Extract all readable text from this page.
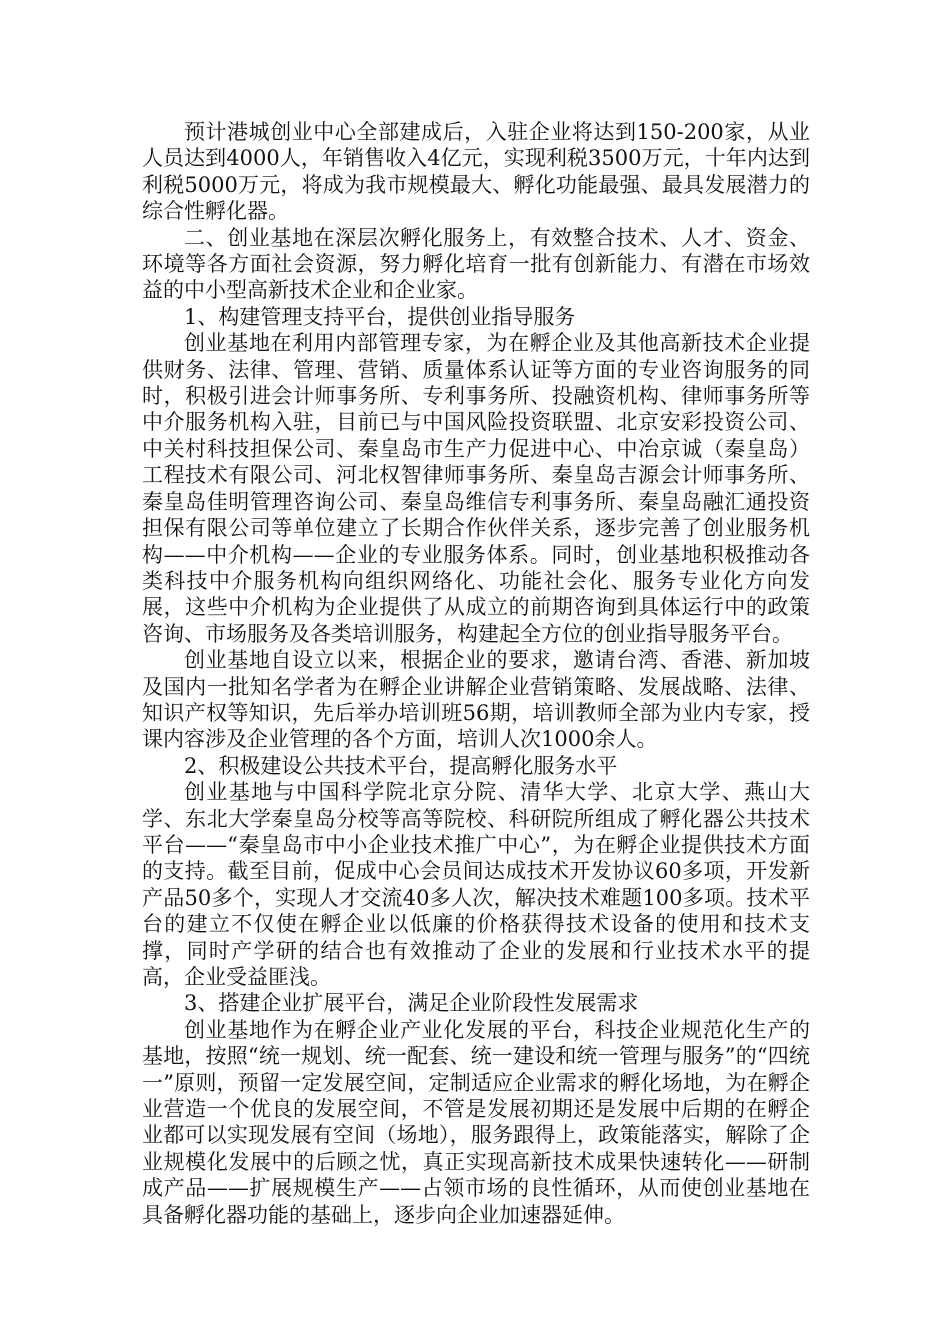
预计港城创业中心全部建成后，入驻企业将达到150-200家，从业人员达到4000人，年销售收入4亿元，实现利税3500万元，十年内达到利税5000万元，将成为我市规模最大、孵化功能最强、最具发展潜力的综合性孵化器。

二、创业基地在深层次孵化服务上，有效整合技术、人才、资金、环境等各方面社会资源，努力孵化培育一批有创新能力、有潜在市场效益的中小型高新技术企业和企业家。

1、构建管理支持平台，提供创业指导服务

创业基地在利用内部管理专家，为在孵企业及其他高新技术企业提供财务、法律、管理、营销、质量体系认证等方面的专业咨询服务的同时，积极引进会计师事务所、专利事务所、投融资机构、律师事务所等中介服务机构入驻，目前已与中国风险投资联盟、北京安彩投资公司、中关村科技担保公司、秦皇岛市生产力促进中心、中冶京诚（秦皇岛）工程技术有限公司、河北权智律师事务所、秦皇岛吉源会计师事务所、秦皇岛佳明管理咨询公司、秦皇岛维信专利事务所、秦皇岛融汇通投资担保有限公司等单位建立了长期合作伙伴关系，逐步完善了创业服务机构——中介机构——企业的专业服务体系。同时，创业基地积极推动各类科技中介服务机构向组织网络化、功能社会化、服务专业化方向发展，这些中介机构为企业提供了从成立的前期咨询到具体运行中的政策咨询、市场服务及各类培训服务，构建起全方位的创业指导服务平台。

创业基地自设立以来，根据企业的要求，邀请台湾、香港、新加坡及国内一批知名学者为在孵企业讲解企业营销策略、发展战略、法律、知识产权等知识，先后举办培训班56期，培训教师全部为业内专家，授课内容涉及企业管理的各个方面，培训人次1000余人。

2、积极建设公共技术平台，提高孵化服务水平

创业基地与中国科学院北京分院、清华大学、北京大学、燕山大学、东北大学秦皇岛分校等高等院校、科研院所组成了孵化器公共技术平台——“秦皇岛市中小企业技术推广中心”，为在孵企业提供技术方面的支持。截至目前，促成中心会员间达成技术开发协议60多项，开发新产品50多个，实现人才交流40多人次，解决技术难题100多项。技术平台的建立不仅使在孵企业以低廉的价格获得技术设备的使用和技术支撑，同时产学研的结合也有效推动了企业的发展和行业技术水平的提高，企业受益匪浅。

3、搭建企业扩展平台，满足企业阶段性发展需求

创业基地作为在孵企业产业化发展的平台，科技企业规范化生产的基地，按照“统一规划、统一配套、统一建设和统一管理与服务”的“四统一”原则，预留一定发展空间，定制适应企业需求的孵化场地，为在孵企业营造一个优良的发展空间，不管是发展初期还是发展中后期的在孵企业都可以实现发展有空间（场地），服务跟得上，政策能落实，解除了企业规模化发展中的后顾之忧，真正实现高新技术成果快速转化——研制成产品——扩展规模生产——占领市场的良性循环，从而使创业基地在具备孵化器功能的基础上，逐步向企业加速器延伸。
